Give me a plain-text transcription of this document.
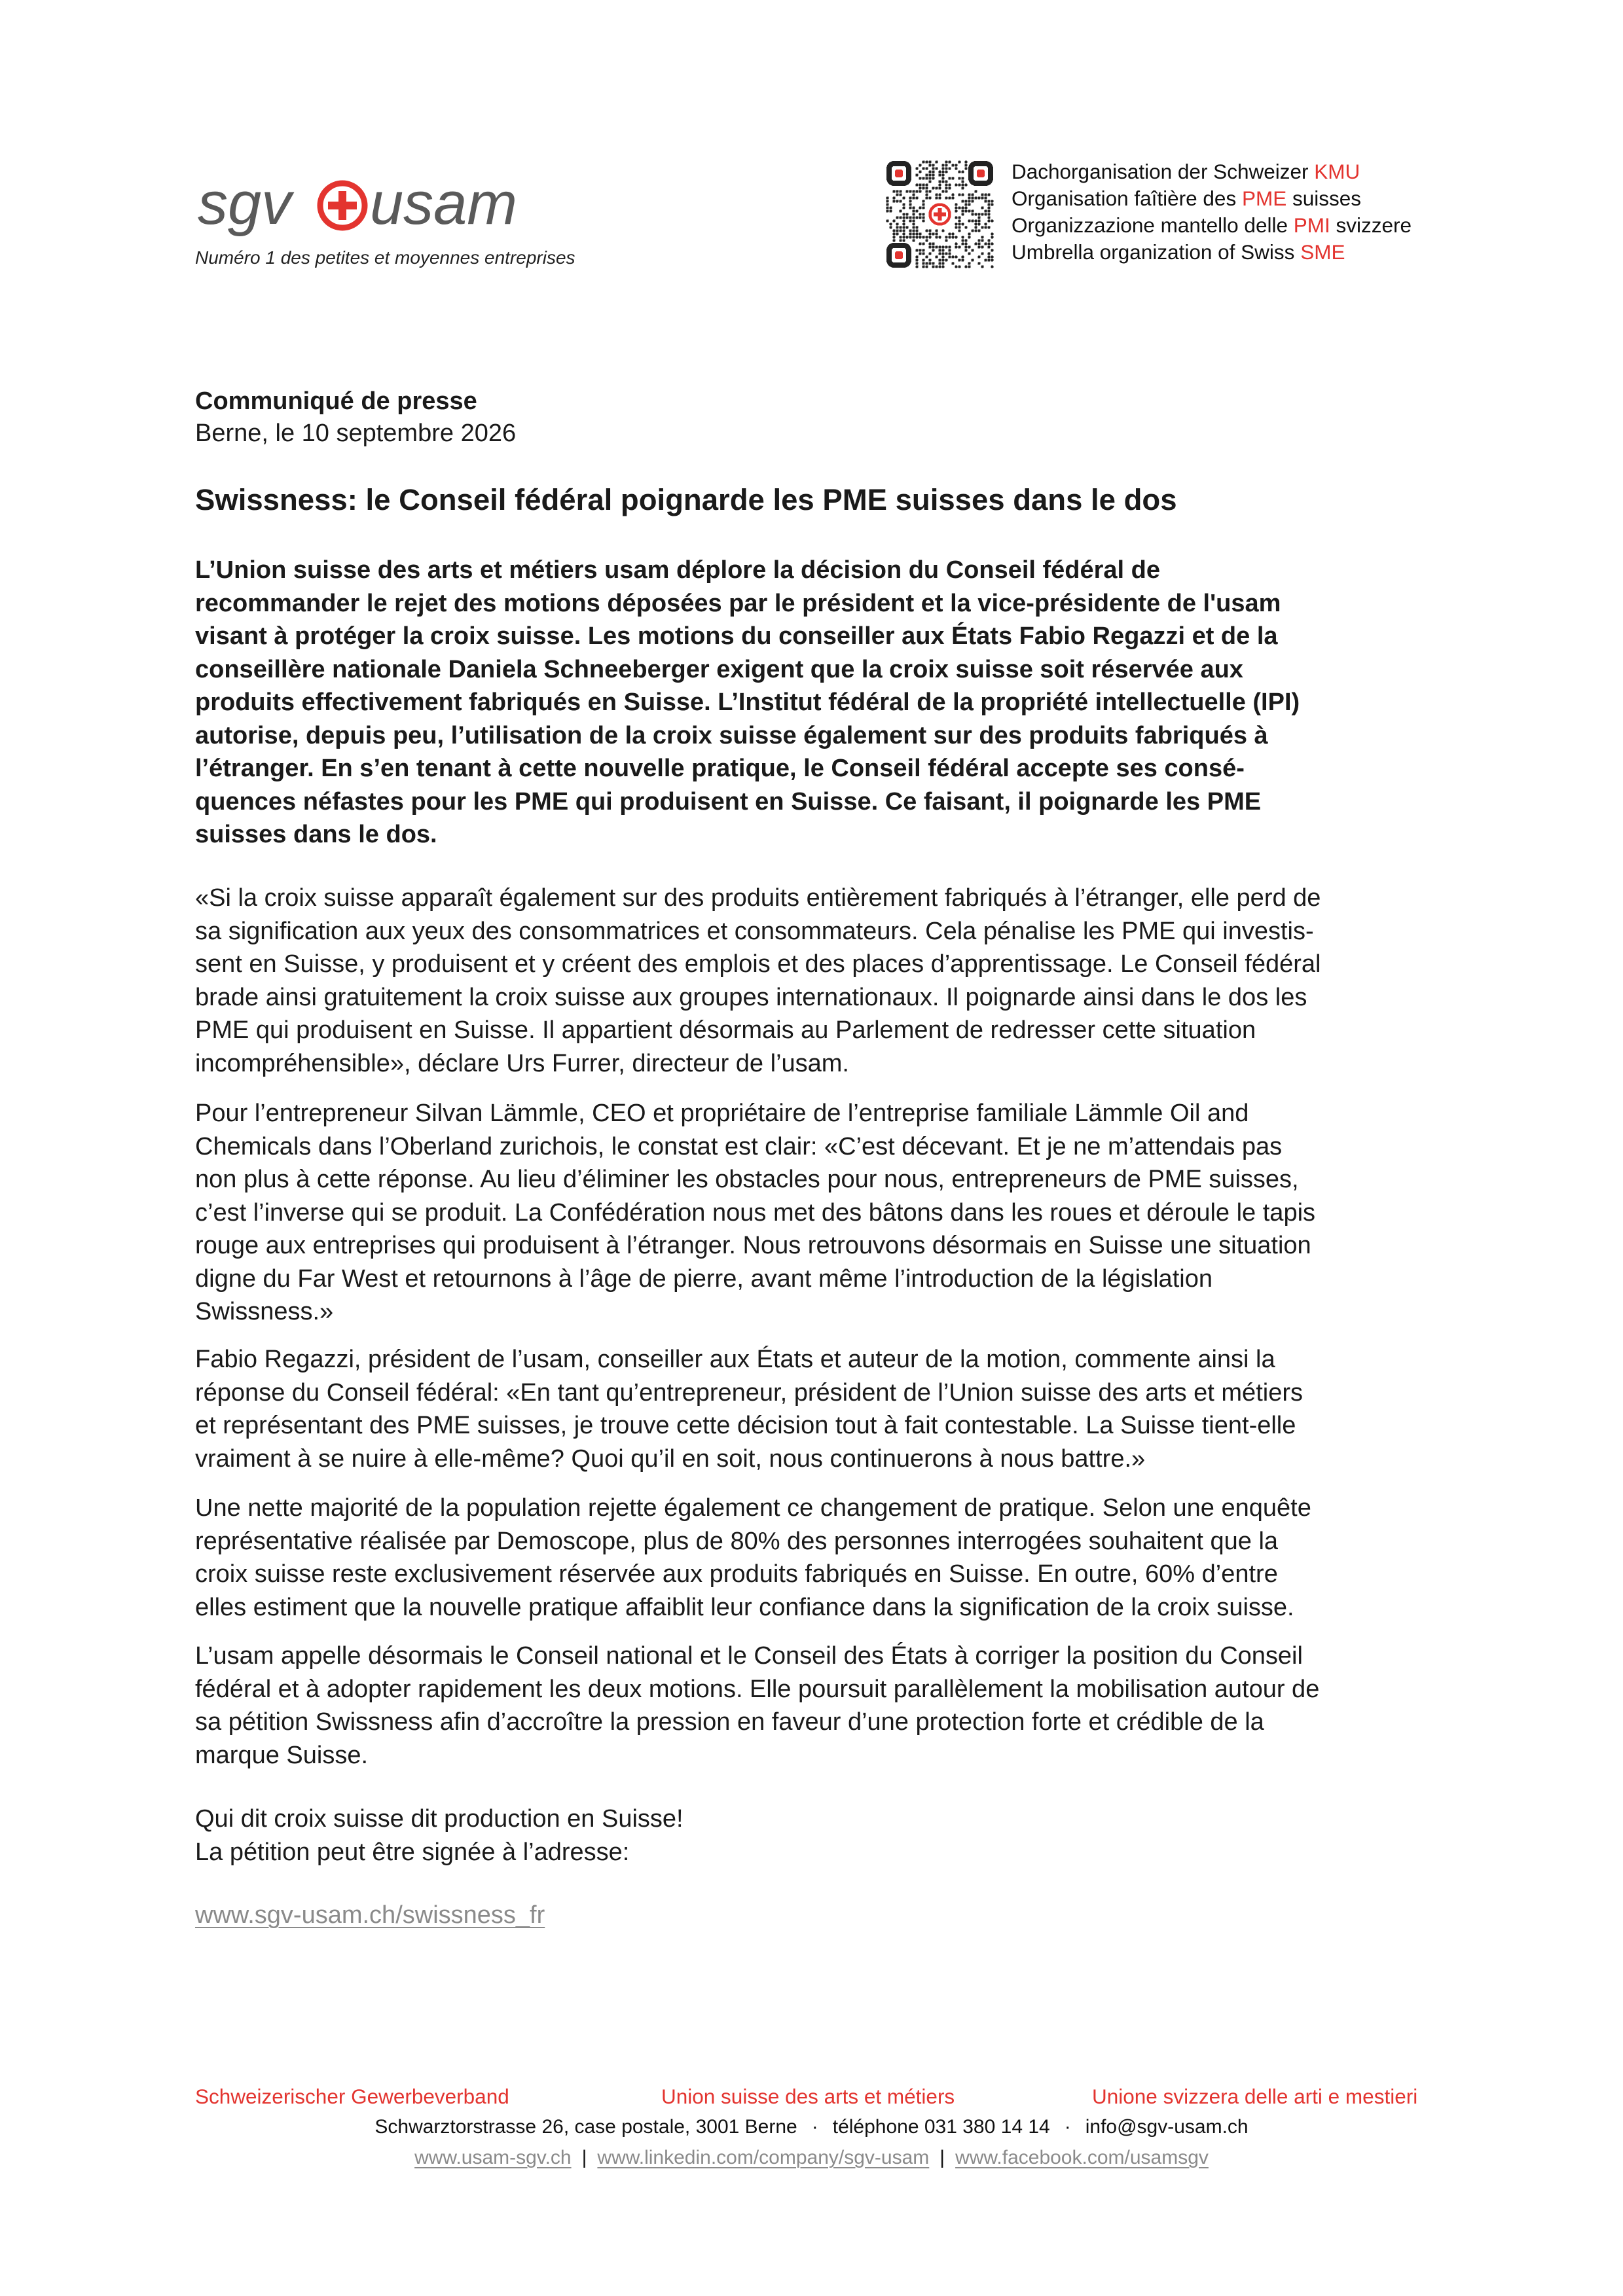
sgv usam
Numéro 1 des petites et moyennes entreprises
Dachorganisation der Schweizer KMU
Organisation faîtière des PME suisses
Organizzazione mantello delle PMI svizzere
Umbrella organization of Swiss SME
Communiqué de presse
Berne, le 10 septembre 2026
Swissness: le Conseil fédéral poignarde les PME suisses dans le dos
L’Union suisse des arts et métiers usam déplore la décision du Conseil fédéral de
recommander le rejet des motions déposées par le président et la vice-présidente de l'usam
visant à protéger la croix suisse. Les motions du conseiller aux États Fabio Regazzi et de la
conseillère nationale Daniela Schneeberger exigent que la croix suisse soit réservée aux
produits effectivement fabriqués en Suisse. L’Institut fédéral de la propriété intellectuelle (IPI)
autorise, depuis peu, l’utilisation de la croix suisse également sur des produits fabriqués à
l’étranger. En s’en tenant à cette nouvelle pratique, le Conseil fédéral accepte ses consé-
quences néfastes pour les PME qui produisent en Suisse. Ce faisant, il poignarde les PME
suisses dans le dos.
«Si la croix suisse apparaît également sur des produits entièrement fabriqués à l’étranger, elle perd de
sa signification aux yeux des consommatrices et consommateurs. Cela pénalise les PME qui investis-
sent en Suisse, y produisent et y créent des emplois et des places d’apprentissage. Le Conseil fédéral
brade ainsi gratuitement la croix suisse aux groupes internationaux. Il poignarde ainsi dans le dos les
PME qui produisent en Suisse. Il appartient désormais au Parlement de redresser cette situation
incompréhensible», déclare Urs Furrer, directeur de l’usam.
Pour l’entrepreneur Silvan Lämmle, CEO et propriétaire de l’entreprise familiale Lämmle Oil and
Chemicals dans l’Oberland zurichois, le constat est clair: «C’est décevant. Et je ne m’attendais pas
non plus à cette réponse. Au lieu d’éliminer les obstacles pour nous, entrepreneurs de PME suisses,
c’est l’inverse qui se produit. La Confédération nous met des bâtons dans les roues et déroule le tapis
rouge aux entreprises qui produisent à l’étranger. Nous retrouvons désormais en Suisse une situation
digne du Far West et retournons à l’âge de pierre, avant même l’introduction de la législation
Swissness.»
Fabio Regazzi, président de l’usam, conseiller aux États et auteur de la motion, commente ainsi la
réponse du Conseil fédéral: «En tant qu’entrepreneur, président de l’Union suisse des arts et métiers
et représentant des PME suisses, je trouve cette décision tout à fait contestable. La Suisse tient-elle
vraiment à se nuire à elle-même? Quoi qu’il en soit, nous continuerons à nous battre.»
Une nette majorité de la population rejette également ce changement de pratique. Selon une enquête
représentative réalisée par Demoscope, plus de 80% des personnes interrogées souhaitent que la
croix suisse reste exclusivement réservée aux produits fabriqués en Suisse. En outre, 60% d’entre
elles estiment que la nouvelle pratique affaiblit leur confiance dans la signification de la croix suisse.
L’usam appelle désormais le Conseil national et le Conseil des États à corriger la position du Conseil
fédéral et à adopter rapidement les deux motions. Elle poursuit parallèlement la mobilisation autour de
sa pétition Swissness afin d’accroître la pression en faveur d’une protection forte et crédible de la
marque Suisse.
Qui dit croix suisse dit production en Suisse!
La pétition peut être signée à l’adresse:
www.sgv-usam.ch/swissness_fr
Schweizerischer Gewerbeverband	Union suisse des arts et métiers	Unione svizzera delle arti e mestieri
Schwarztorstrasse 26, case postale, 3001 Berne · téléphone 031 380 14 14 · info@sgv-usam.ch
www.usam-sgv.ch | www.linkedin.com/company/sgv-usam | www.facebook.com/usamsgv
